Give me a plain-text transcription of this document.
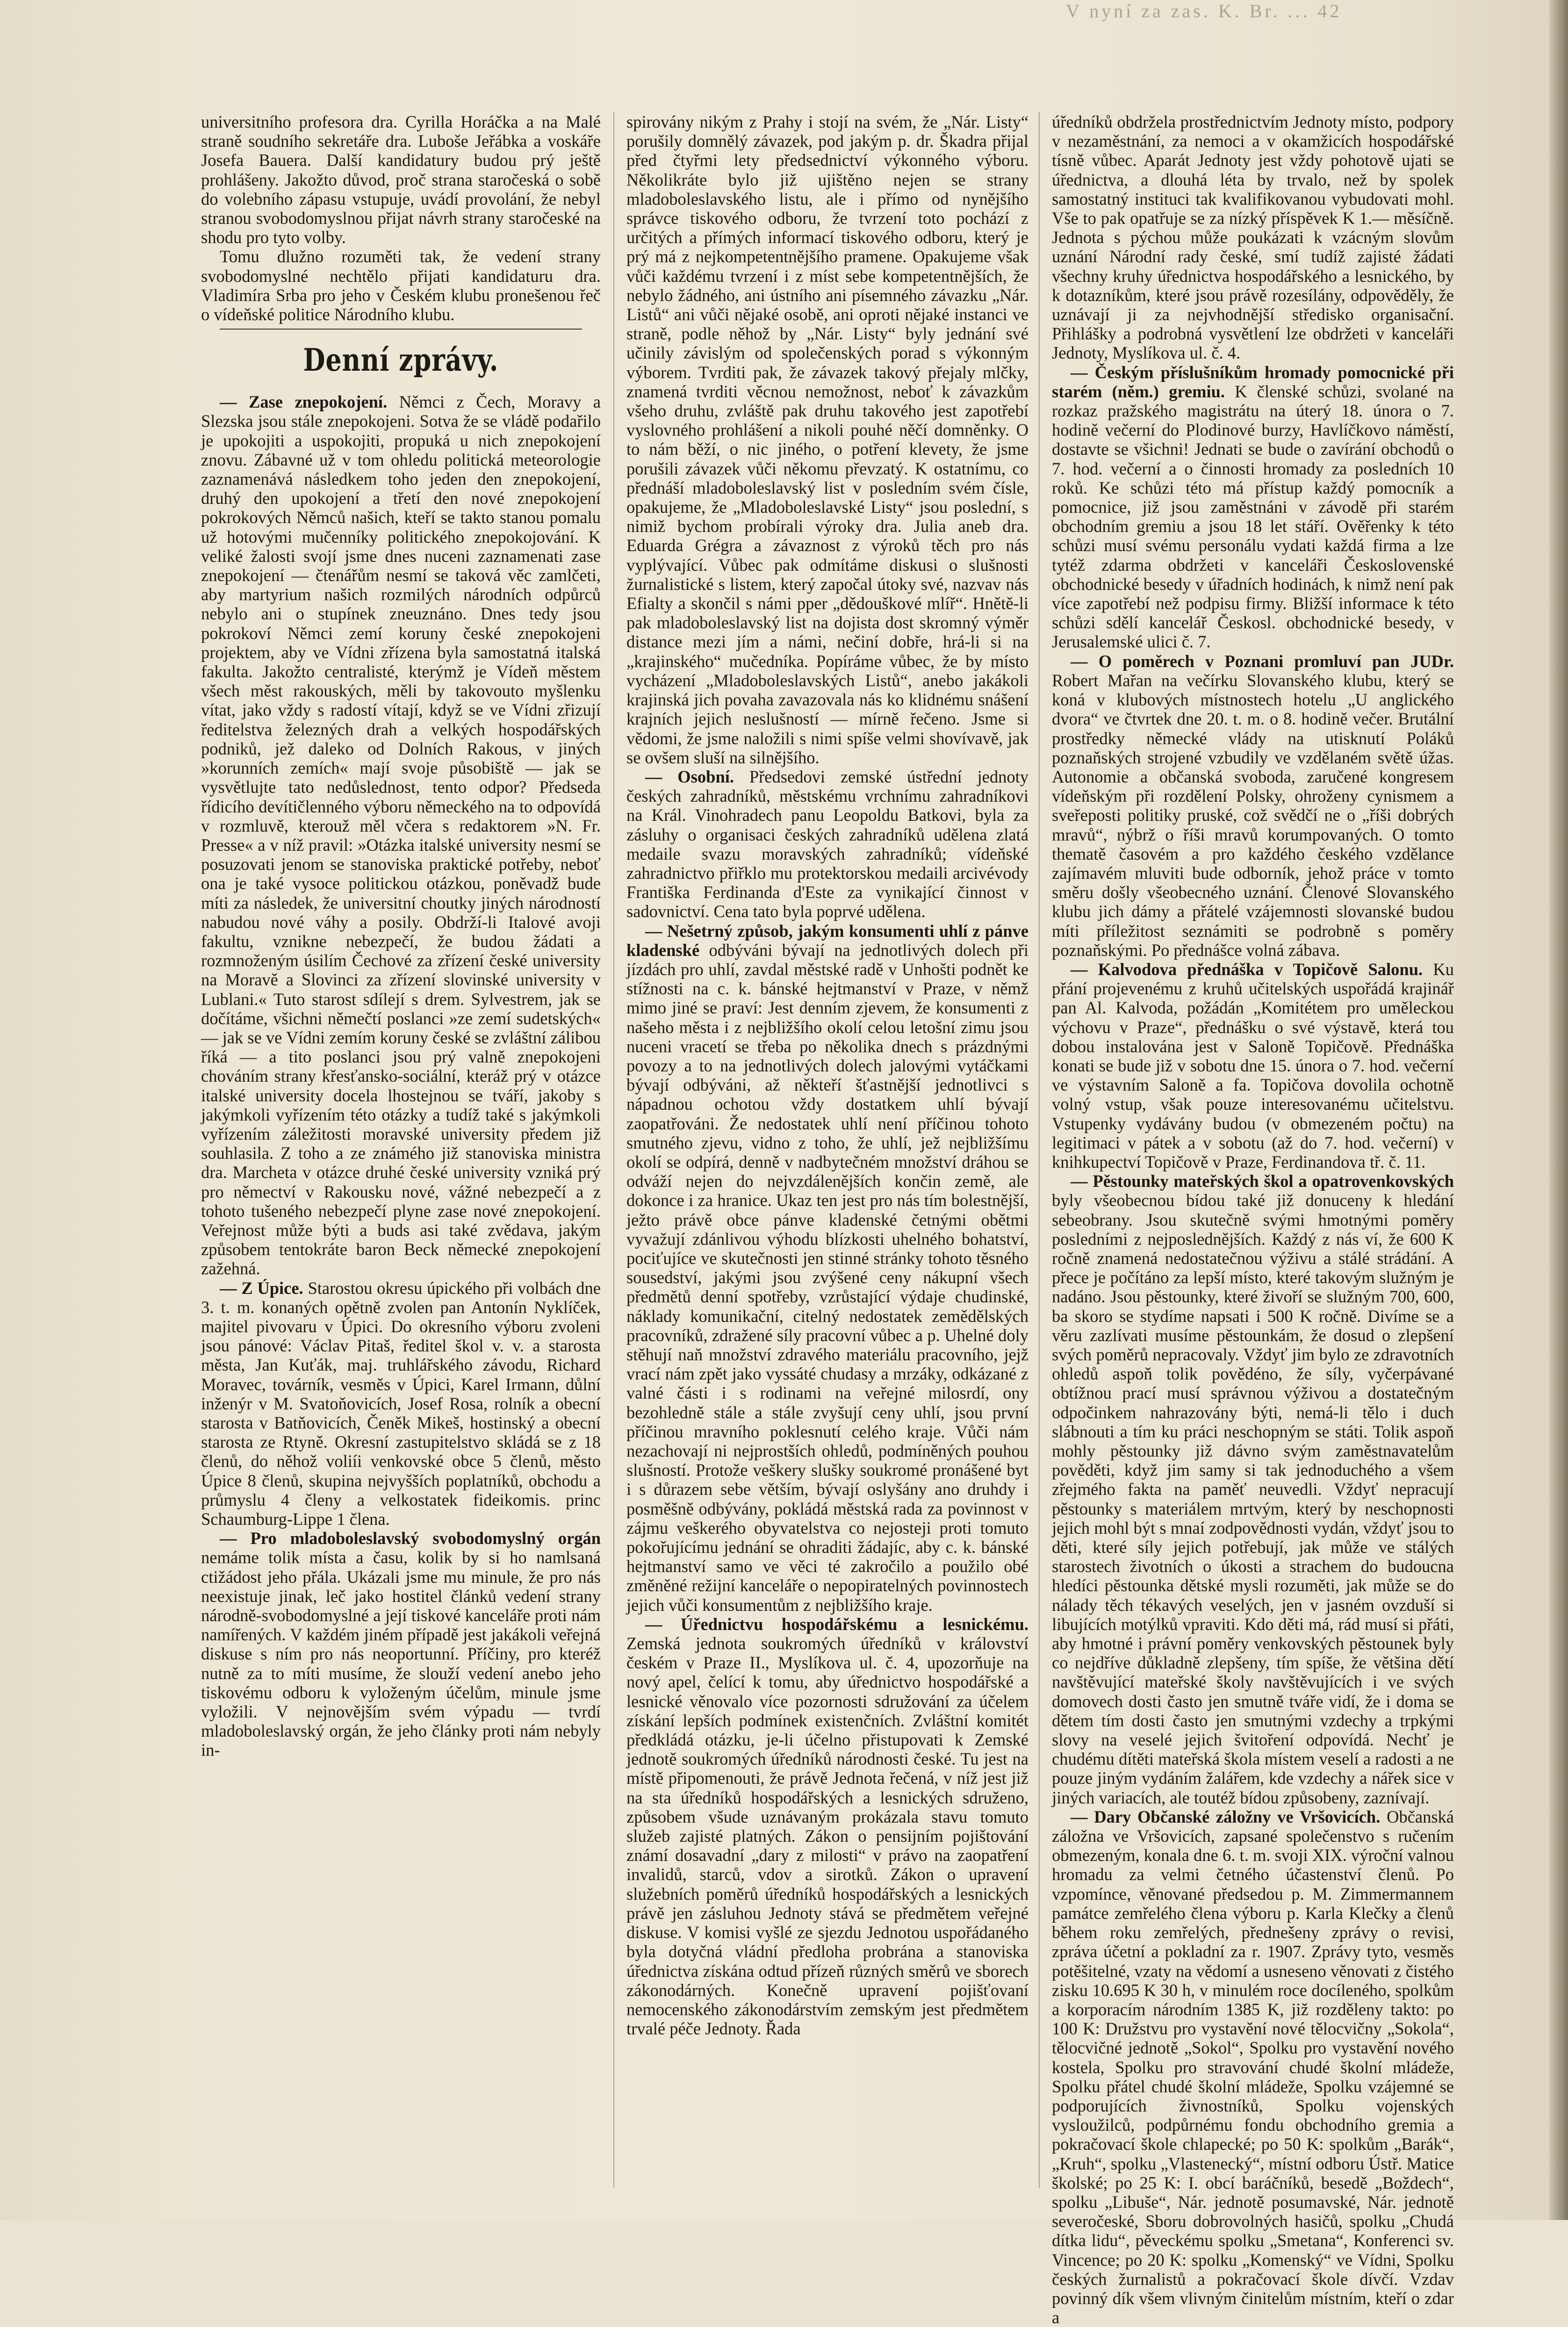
V nyní za zas. K. Br. ... 42

universitního profesora dra. Cyrilla Horáčka a na Malé straně soudního sekretáře dra. Luboše Jeřábka a voskáře Josefa Bauera. Další kandidatury budou prý ještě prohlášeny. Jakožto důvod, proč strana staročeská o sobě do volebního zápasu vstupuje, uvádí provolání, že nebyl stranou svobodomyslnou přijat návrh strany staročeské na shodu pro tyto volby.

Tomu dlužno rozuměti tak, že vedení strany svobodomyslné nechtělo přijati kandidaturu dra. Vladimíra Srba pro jeho v Českém klubu pronešenou řeč o vídeňské politice Národního klubu.

Denní zprávy.

— Zase znepokojení. Němci z Čech, Moravy a Slezska jsou stále znepokojeni. Sotva že se vládě podařilo je upokojiti a uspokojiti, propuká u nich znepokojení znovu. Zábavné už v tom ohledu politická meteorologie zaznamenává následkem toho jeden den znepokojení, druhý den upokojení a třetí den nové znepokojení pokrokových Němců našich, kteří se takto stanou pomalu už hotovými mučenníky politického znepokojování. K veliké žalosti svojí jsme dnes nuceni zaznamenati zase znepokojení — čtenářům nesmí se taková věc zamlčeti, aby martyrium našich rozmilých národních odpůrců nebylo ani o stupínek zneuznáno. Dnes tedy jsou pokrokoví Němci zemí koruny české znepokojeni projektem, aby ve Vídni zřízena byla samostatná italská fakulta. Jakožto centralisté, kterýmž je Vídeň městem všech měst rakouských, měli by takovouto myšlenku vítat, jako vždy s radostí vítají, když se ve Vídni zřizují ředitelstva železných drah a velkých hospodářských podniků, jež daleko od Dolních Rakous, v jiných »korunních zemích« mají svoje působiště — jak se vysvětlujte tato nedůslednost, tento odpor? Předseda řídicího devítičlenného výboru německého na to odpovídá v rozmluvě, kterouž měl včera s redaktorem »N. Fr. Presse« a v níž pravil: »Otázka italské university nesmí se posuzovati jenom se stanoviska praktické potřeby, neboť ona je také vysoce politickou otázkou, poněvadž bude míti za následek, že universitní choutky jiných národností nabudou nové váhy a posily. Obdrží-li Italové avoji fakultu, vznikne nebezpečí, že budou žádati a rozmnoženým úsilím Čechové za zřízení české university na Moravě a Slovinci za zřízení slovinské university v Lublani.« Tuto starost sdílejí s drem. Sylvestrem, jak se dočítáme, všichni němečtí poslanci »ze zemí sudetských« — jak se ve Vídni zemím koruny české se zvláštní zálibou říká — a tito poslanci jsou prý valně znepokojeni chováním strany křesťansko-sociální, kteráž prý v otázce italské university docela lhostejnou se tváří, jakoby s jakýmkoli vyřízením této otázky a tudíž také s jakýmkoli vyřízením záležitosti moravské university předem již souhlasila. Z toho a ze známého již stanoviska ministra dra. Marcheta v otázce druhé české university vzniká prý pro němectví v Rakousku nové, vážné nebezpečí a z tohoto tušeného nebezpečí plyne zase nové znepokojení. Veřejnost může býti a buds asi také zvědava, jakým způsobem tentokráte baron Beck německé znepokojení zažehná.

— Z Úpice. Starostou okresu úpického při volbách dne 3. t. m. konaných opětně zvolen pan Antonín Nyklíček, majitel pivovaru v Úpici. Do okresního výboru zvoleni jsou pánové: Václav Pitaš, ředitel škol v. v. a starosta města, Jan Kuťák, maj. truhlářského závodu, Richard Moravec, továrník, vesměs v Úpici, Karel Irmann, důlní inženýr v M. Svatoňovicích, Josef Rosa, rolník a obecní starosta v Batňovicích, Čeněk Mikeš, hostinský a obecní starosta ze Rtyně. Okresní zastupitelstvo skládá se z 18 členů, do něhož voliíi venkovské obce 5 členů, město Úpice 8 členů, skupina nejvyšších poplatníků, obchodu a průmyslu 4 členy a velkostatek fideikomis. princ Schaumburg-Lippe 1 člena.

— Pro mladoboleslavský svobodomyslný orgán nemáme tolik místa a času, kolik by si ho namlsaná ctižádost jeho přála. Ukázali jsme mu minule, že pro nás neexistuje jinak, leč jako hostitel článků vedení strany národně-svobodomyslné a její tiskové kanceláře proti nám namířených. V každém jiném případě jest jakákoli veřejná diskuse s ním pro nás neoportunní. Příčiny, pro kteréž nutně za to míti musíme, že slouží vedení anebo jeho tiskovému odboru k vyloženým účelům, minule jsme vyložili. V nejnovějším svém výpadu — tvrdí mladoboleslavský orgán, že jeho články proti nám nebyly in-

spirovány nikým z Prahy i stojí na svém, že „Nár. Listy“ porušily domnělý závazek, pod jakým p. dr. Škadra přijal před čtyřmi lety předsednictví výkonného výboru. Několikráte bylo již ujištěno nejen se strany mladoboleslavského listu, ale i přímo od nynějšího správce tiskového odboru, že tvrzení toto pochází z určitých a přímých informací tiskového odboru, který je prý má z nejkompetentnějšího pramene. Opakujeme však vůči každému tvrzení i z míst sebe kompetentnějších, že nebylo žádného, ani ústního ani písemného závazku „Nár. Listů“ ani vůči nějaké osobě, ani oproti nějaké instanci ve straně, podle něhož by „Nár. Listy“ byly jednání své učinily závislým od společenských porad s výkonným výborem. Tvrditi pak, že závazek takový přejaly mlčky, znamená tvrditi věcnou nemožnost, neboť k závazkům všeho druhu, zvláště pak druhu takového jest zapotřebí vyslovného prohlášení a nikoli pouhé něčí domněnky. O to nám běží, o nic jiného, o potření klevety, že jsme porušili závazek vůči někomu převzatý. K ostatnímu, co přednáší mladoboleslavský list v posledním svém čísle, opakujeme, že „Mladoboleslavské Listy“ jsou poslední, s nimiž bychom probírali výroky dra. Julia aneb dra. Eduarda Grégra a závaznost z výroků těch pro nás vyplývající. Vůbec pak odmítáme diskusi o slušnosti žurnalistické s listem, který započal útoky své, nazvav nás Efialty a skončil s námi pper „dědouškové mlíř“. Hnětě-li pak mladoboleslavský list na dojista dost skromný výměr distance mezi jím a námi, nečiní dobře, hrá-li si na „krajinského“ mučedníka. Popíráme vůbec, že by místo vycházení „Mladoboleslavských Listů“, anebo jakákoli krajinská jich povaha zavazovala nás ko klidnému snášení krajních jejich neslušností — mírně řečeno. Jsme si vědomi, že jsme naložili s nimi spíše velmi shovívavě, jak se ovšem sluší na silnějšího.

— Osobní. Předsedovi zemské ústřední jednoty českých zahradníků, městskému vrchnímu zahradníkovi na Král. Vinohradech panu Leopoldu Batkovi, byla za zásluhy o organisaci českých zahradníků udělena zlatá medaile svazu moravských zahradníků; vídeňské zahradnictvo přiřklo mu protektorskou medaili arcivévody Františka Ferdinanda d'Este za vynikající činnost v sadovnictví. Cena tato byla poprvé udělena.

— Nešetrný způsob, jakým konsumenti uhlí z pánve kladenské odbýváni bývají na jednotlivých dolech při jízdách pro uhlí, zavdal městské radě v Unhošti podnět ke stížnosti na c. k. bánské hejtmanství v Praze, v němž mimo jiné se praví: Jest denním zjevem, že konsumenti z našeho města i z nejbližšího okolí celou letošní zimu jsou nuceni vracetí se třeba po několika dnech s prázdnými povozy a to na jednotlivých dolech jalovými vytáčkami bývají odbýváni, až někteří šťastnější jednotlivci s nápadnou ochotou vždy dostatkem uhlí bývají zaopatřováni. Že nedostatek uhlí není příčinou tohoto smutného zjevu, vidno z toho, že uhlí, jež nejbližšímu okolí se odpírá, denně v nadbytečném množství dráhou se odváží nejen do nejvzdálenějších končin země, ale dokonce i za hranice. Ukaz ten jest pro nás tím bolestnější, ježto právě obce pánve kladenské četnými obětmi vyvažují zdánlivou výhodu blízkosti uhelného bohatství, pociťujíce ve skutečnosti jen stinné stránky tohoto těsného sousedství, jakými jsou zvýšené ceny nákupní všech předmětů denní spotřeby, vzrůstající výdaje chudinské, náklady komunikační, citelný nedostatek zemědělských pracovníků, zdražené síly pracovní vůbec a p. Uhelné doly stěhují naň množství zdravého materiálu pracovního, jejž vrací nám zpět jako vyssáté chudasy a mrzáky, odkázané z valné části i s rodinami na veřejné milosrdí, ony bezohledně stále a stále zvyšují ceny uhlí, jsou první příčinou mravního poklesnutí celého kraje. Vůči nám nezachovají ni nejprostších ohledů, podmíněných pouhou slušností. Protože veškery slušky soukromé pronášené byt i s důrazem sebe větším, bývají oslyšány ano druhdy i posměšně odbývány, pokládá městská rada za povinnost v zájmu veškerého obyvatelstva co nejosteji proti tomuto pokořujícímu jednání se ohraditi žádajíc, aby c. k. bánské hejtmanství samo ve věci té zakročilo a použilo obé změněné režijní kanceláře o nepopiratelných povinnostech jejich vůči konsumentům z nejbližšího kraje.

— Úřednictvu hospodářskému a lesnickému. Zemská jednota soukromých úředníků v království českém v Praze II., Myslíkova ul. č. 4, upozorňuje na nový apel, čelící k tomu, aby úřednictvo hospodářské a lesnické věnovalo více pozornosti sdružování za účelem získání lepších podmínek existenčních. Zvláštní komitét předkládá otázku, je-li účelno přistupovati k Zemské jednotě soukromých úředníků národnosti české. Tu jest na místě připomenouti, že právě Jednota řečená, v níž jest již na sta úředníků hospodářských a lesnických sdruženo, způsobem všude uznávaným prokázala stavu tomuto služeb zajisté platných. Zákon o pensijním pojištování známí dosavadní „dary z milosti“ v právo na zaopatření invalidů, starců, vdov a sirotků. Zákon o upravení služebních poměrů úředníků hospodářských a lesnických právě jen zásluhou Jednoty stává se předmětem veřejné diskuse. V komisi vyšlé ze sjezdu Jednotou uspořádaného byla dotyčná vládní předloha probrána a stanoviska úřednictva získána odtud přízeň různých směrů ve sborech zákonodárných. Konečně upravení pojišťovaní nemocenského zákonodárstvím zemským jest předmětem trvalé péče Jednoty. Řada

úředníků obdržela prostřednictvím Jednoty místo, podpory v nezaměstnání, za nemoci a v okamžicích hospodářské tísně vůbec. Aparát Jednoty jest vždy pohotově ujati se úřednictva, a dlouhá léta by trvalo, než by spolek samostatný instituci tak kvalifikovanou vybudovati mohl. Vše to pak opatřuje se za nízký příspěvek K 1.— měsíčně. Jednota s pýchou může poukázati k vzácným slovům uznání Národní rady české, smí tudíž zajisté žádati všechny kruhy úřednictva hospodářského a lesnického, by k dotazníkům, které jsou právě rozesílány, odpověděly, že uznávají ji za nejvhodnější středisko organisační. Přihlášky a podrobná vysvětlení lze obdržeti v kanceláři Jednoty, Myslíkova ul. č. 4.

— Českým příslušníkům hromady pomocnické při starém (něm.) gremiu. K členské schůzi, svolané na rozkaz pražského magistrátu na úterý 18. února o 7. hodině večerní do Plodinové burzy, Havlíčkovo náměstí, dostavte se všichni! Jednati se bude o zavírání obchodů o 7. hod. večerní a o činnosti hromady za posledních 10 roků. Ke schůzi této má přístup každý pomocník a pomocnice, již jsou zaměstnáni v závodě při starém obchodním gremiu a jsou 18 let stáří. Ověřenky k této schůzi musí svému personálu vydati každá firma a lze tytéž zdarma obdržeti v kanceláři Československé obchodnické besedy v úřadních hodinách, k nimž není pak více zapotřebí než podpisu firmy. Bližší informace k této schůzi sdělí kancelář Českosl. obchodnické besedy, v Jerusalemské ulici č. 7.

— O poměrech v Poznani promluví pan JUDr. Robert Mařan na večírku Slovanského klubu, který se koná v klubových místnostech hotelu „U anglického dvora“ ve čtvrtek dne 20. t. m. o 8. hodině večer. Brutální prostředky německé vlády na utisknutí Poláků poznaňských strojené vzbudily ve vzdělaném světě úžas. Autonomie a občanská svoboda, zaručené kongresem vídeňským při rozdělení Polsky, ohroženy cynismem a sveřeposti politiky pruské, což svědčí ne o „říši dobrých mravů“, nýbrž o říši mravů korumpovaných. O tomto thematě časovém a pro každého českého vzdělance zajímavém mluviti bude odborník, jehož práce v tomto směru došly všeobecného uznání. Členové Slovanského klubu jich dámy a přátelé vzájemnosti slovanské budou míti příležitost seznámiti se podrobně s poměry poznaňskými. Po přednášce volná zábava.

— Kalvodova přednáška v Topičově Salonu. Ku přání projevenému z kruhů učitelských uspořádá krajinář pan Al. Kalvoda, požádán „Komitétem pro uměleckou výchovu v Praze“, přednášku o své výstavě, která tou dobou instalována jest v Saloně Topičově. Přednáška konati se bude již v sobotu dne 15. února o 7. hod. večerní ve výstavním Saloně a fa. Topičova dovolila ochotně volný vstup, však pouze interesovanému učitelstvu. Vstupenky vydávány budou (v obmezeném počtu) na legitimaci v pátek a v sobotu (až do 7. hod. večerní) v knihkupectví Topičově v Praze, Ferdinandova tř. č. 11.

— Pěstounky mateřských škol a opatrovenkovských byly všeobecnou bídou také již donuceny k hledání sebeobrany. Jsou skutečně svými hmotnými poměry posledními z nejposlednějších. Každý z nás ví, že 600 K ročně znamená nedostatečnou výživu a stálé strádání. A přece je počítáno za lepší místo, které takovým služným je nadáno. Jsou pěstounky, které živoří se služným 700, 600, ba skoro se stydíme napsati i 500 K ročně. Divíme se a věru zazlívati musíme pěstounkám, že dosud o zlepšení svých poměrů nepracovaly. Vždyť jim bylo ze zdravotních ohledů aspoň tolik povědéno, že síly, vyčerpávané obtížnou prací musí správnou výživou a dostatečným odpočinkem nahrazovány býti, nemá-li tělo i duch slábnouti a tím ku práci neschopným se státi. Tolik aspoň mohly pěstounky již dávno svým zaměstnavatelům pověděti, když jim samy si tak jednoduchého a všem zřejmého fakta na paměť neuvedli. Vždyť nepracují pěstounky s materiálem mrtvým, který by neschopnosti jejich mohl být s mnaí zodpovědnosti vydán, vždyť jsou to děti, které síly jejich potřebují, jak může ve stálých starostech životních o úkosti a strachem do budoucna hledíci pěstounka dětské mysli rozuměti, jak může se do nálady těch tékavých veselých, jen v jasném ovzduší si libujících motýlků vpraviti. Kdo děti má, rád musí si přáti, aby hmotné i právní poměry venkovských pěstounek byly co nejdříve důkladně zlepšeny, tím spíše, že většina dětí navštěvující mateřské školy navštěvujících i ve svých domovech dosti často jen smutně tváře vidí, že i doma se dětem tím dosti často jen smutnými vzdechy a trpkými slovy na veselé jejich švitoření odpovídá. Nechť je chudému dítěti mateřská škola místem veselí a radosti a ne pouze jiným vydáním žalářem, kde vzdechy a nářek sice v jiných variacích, ale toutéž bídou způsobeny, zaznívají.

— Dary Občanské záložny ve Vršovicích. Občanská záložna ve Vršovicích, zapsané společenstvo s ručením obmezeným, konala dne 6. t. m. svoji XIX. výroční valnou hromadu za velmi četného účastenství členů. Po vzpomínce, věnované předsedou p. M. Zimmermannem památce zemřelého člena výboru p. Karla Klečky a členů během roku zemřelých, přednešeny zprávy o revisi, zpráva účetní a pokladní za r. 1907. Zprávy tyto, vesměs potěšitelné, vzaty na vědomí a usneseno věnovati z čistého zisku 10.695 K 30 h, v minulém roce docíleného, spolkům a korporacím národním 1385 K, již rozděleny takto: po 100 K: Družstvu pro vystavění nové tělocvičny „Sokola“, tělocvičné jednotě „Sokol“, Spolku pro vystavění nového kostela, Spolku pro stravování chudé školní mládeže, Spolku přátel chudé školní mládeže, Spolku vzájemné se podporujících živnostníků, Spolku vojenských vysloužilců, podpůrnému fondu obchodního gremia a pokračovací škole chlapecké; po 50 K: spolkům „Barák“, „Kruh“, spolku „Vlastenecký“, místní odboru Ústř. Matice školské; po 25 K: I. obcí baráčníků, besedě „Boždech“, spolku „Libuše“, Nár. jednotě posumavské, Nár. jednotě severočeské, Sboru dobrovolných hasičů, spolku „Chudá dítka lidu“, pěveckému spolku „Smetana“, Konferenci sv. Vincence; po 20 K: spolku „Komenský“ ve Vídni, Spolku českých žurnalistů a pokračovací škole dívčí. Vzdav povinný dík všem vlivným činitelům místním, kteří o zdar a
